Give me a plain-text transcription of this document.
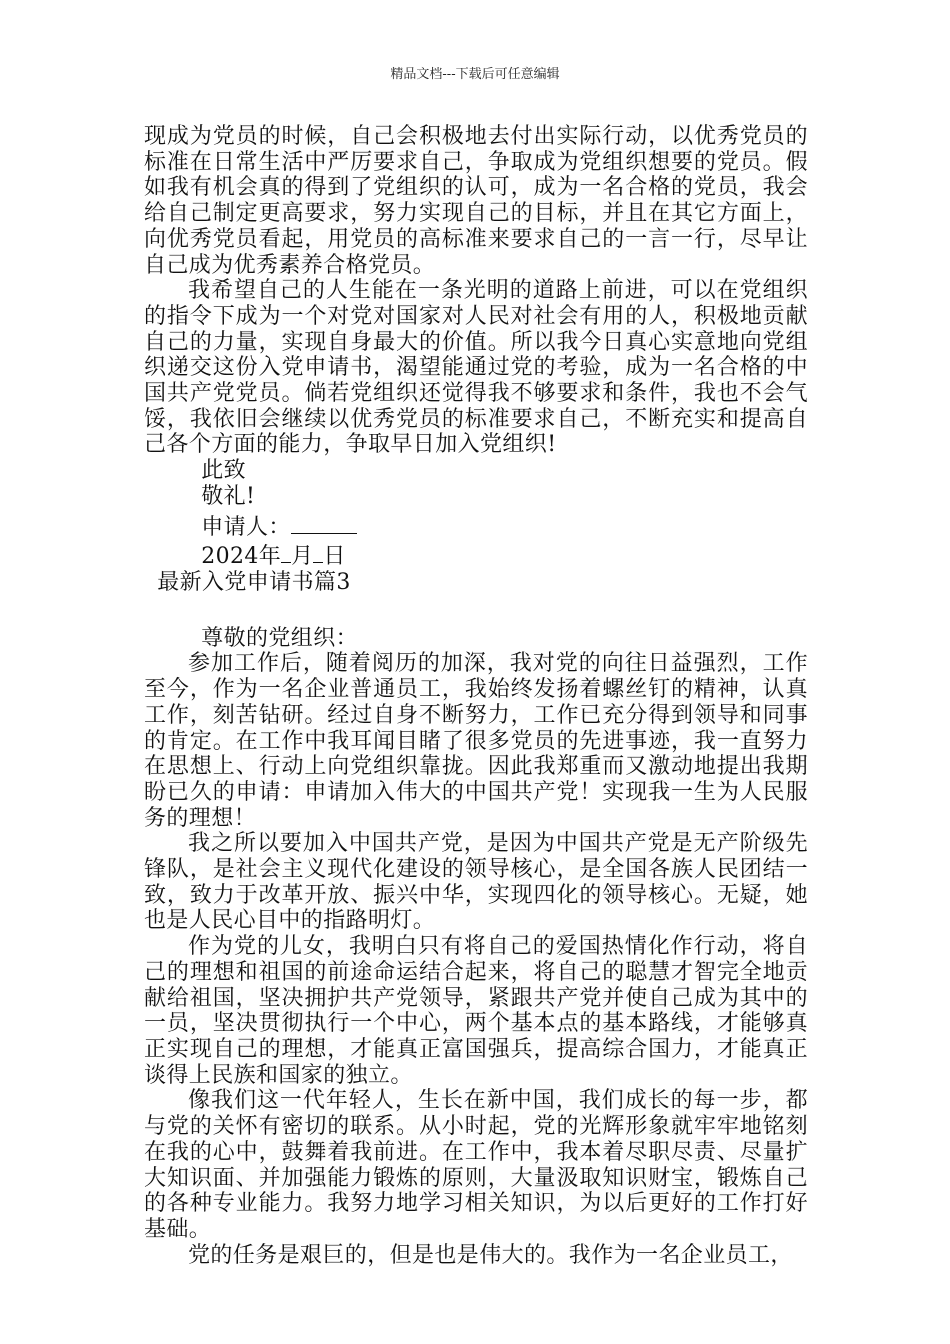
精品文档---下载后可任意编辑

现成为党员的时候，自己会积极地去付出实际行动，以优秀党员的标准在日常生活中严厉要求自己，争取成为党组织想要的党员。假如我有机会真的得到了党组织的认可，成为一名合格的党员，我会给自己制定更高要求，努力实现自己的目标，并且在其它方面上，向优秀党员看起，用党员的高标准来要求自己的一言一行，尽早让自己成为优秀素养合格党员。

我希望自己的人生能在一条光明的道路上前进，可以在党组织的指令下成为一个对党对国家对人民对社会有用的人，积极地贡献自己的力量，实现自身最大的价值。所以我今日真心实意地向党组织递交这份入党申请书，渴望能通过党的考验，成为一名合格的中国共产党党员。倘若党组织还觉得我不够要求和条件，我也不会气馁，我依旧会继续以优秀党员的标准要求自己，不断充实和提高自己各个方面的能力，争取早日加入党组织!

此致

敬礼!

申请人：

2024年 月 日

最新入党申请书篇3

尊敬的党组织：

参加工作后，随着阅历的加深，我对党的向往日益强烈，工作至今，作为一名企业普通员工，我始终发扬着螺丝钉的精神，认真工作，刻苦钻研。经过自身不断努力，工作已充分得到领导和同事的肯定。在工作中我耳闻目睹了很多党员的先进事迹，我一直努力在思想上、行动上向党组织靠拢。因此我郑重而又激动地提出我期盼已久的申请：申请加入伟大的中国共产党！实现我一生为人民服务的理想！

我之所以要加入中国共产党，是因为中国共产党是无产阶级先锋队，是社会主义现代化建设的领导核心，是全国各族人民团结一致，致力于改革开放、振兴中华，实现四化的领导核心。无疑，她也是人民心目中的指路明灯。

作为党的儿女，我明白只有将自己的爱国热情化作行动，将自己的理想和祖国的前途命运结合起来，将自己的聪慧才智完全地贡献给祖国，坚决拥护共产党领导，紧跟共产党并使自己成为其中的一员，坚决贯彻执行一个中心，两个基本点的基本路线，才能够真正实现自己的理想，才能真正富国强兵，提高综合国力，才能真正谈得上民族和国家的独立。

像我们这一代年轻人，生长在新中国，我们成长的每一步，都与党的关怀有密切的联系。从小时起，党的光辉形象就牢牢地铭刻在我的心中，鼓舞着我前进。在工作中，我本着尽职尽责、尽量扩大知识面、并加强能力锻炼的原则，大量汲取知识财宝，锻炼自己的各种专业能力。我努力地学习相关知识，为以后更好的工作打好基础。

党的任务是艰巨的，但是也是伟大的。我作为一名企业员工，
